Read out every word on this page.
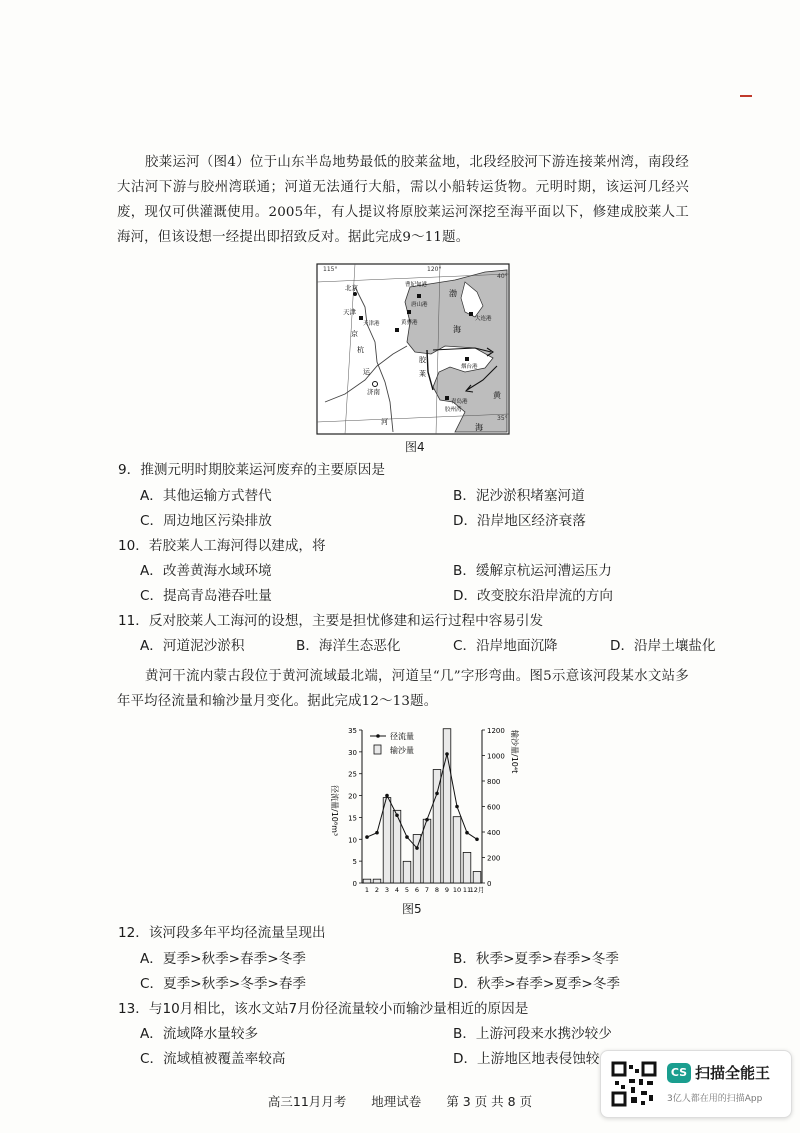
胶莱运河（图4）位于山东半岛地势最低的胶莱盆地，北段经胶河下游连接莱州湾，南段经大沽河下游与胶州湾联通；河道无法通行大船，需以小船转运货物。元明时期，该运河几经兴废，现仅可供灌溉使用。2005年，有人提议将原胶莱运河深挖至海平面以下，修建成胶莱人工海河，但该设想一经提出即招致反对。据此完成9～11题。
115°	120°
40°
35°
北京
天津
天津港
曹妃甸港
唐山港
黄骅港
大连港
烟台港
青岛港
胶州湾
济南
渤
海
黄
海
京
杭
运
河
胶
莱
图4
9．推测元明时期胶莱运河废弃的主要原因是
A．其他运输方式替代	B．泥沙淤积堵塞河道
C．周边地区污染排放	D．沿岸地区经济衰落
10．若胶莱人工海河得以建成，将
A．改善黄海水域环境	B．缓解京杭运河漕运压力
C．提高青岛港吞吐量	D．改变胶东沿岸流的方向
11．反对胶莱人工海河的设想，主要是担忧修建和运行过程中容易引发
A．河道泥沙淤积	B．海洋生态恶化	C．沿岸地面沉降	D．沿岸土壤盐化
黄河干流内蒙古段位于黄河流域最北端，河道呈“几”字形弯曲。图5示意该河段某水文站多年平均径流量和输沙量月变化。据此完成12～13题。
0
5
10
15
20
25
30
35
0
200
400
600
800
1000
1200
径流量/10⁸m³
输沙量/10⁴t
1 2 3 4 5 6 7 8 9 10 11
12月
径流量
输沙量
图5
12．该河段多年平均径流量呈现出
A．夏季>秋季>春季>冬季	B．秋季>夏季>春季>冬季
C．夏季>秋季>冬季>春季	D．秋季>春季>夏季>冬季
13．与10月相比，该水文站7月份径流量较小而输沙量相近的原因是
A．流域降水量较多	B．上游河段来水携沙较少
C．流域植被覆盖率较高	D．上游地区地表侵蚀较
高三11月月考　　地理试卷　　第 3 页 共 8 页
CS 扫描全能王
3亿人都在用的扫描App
